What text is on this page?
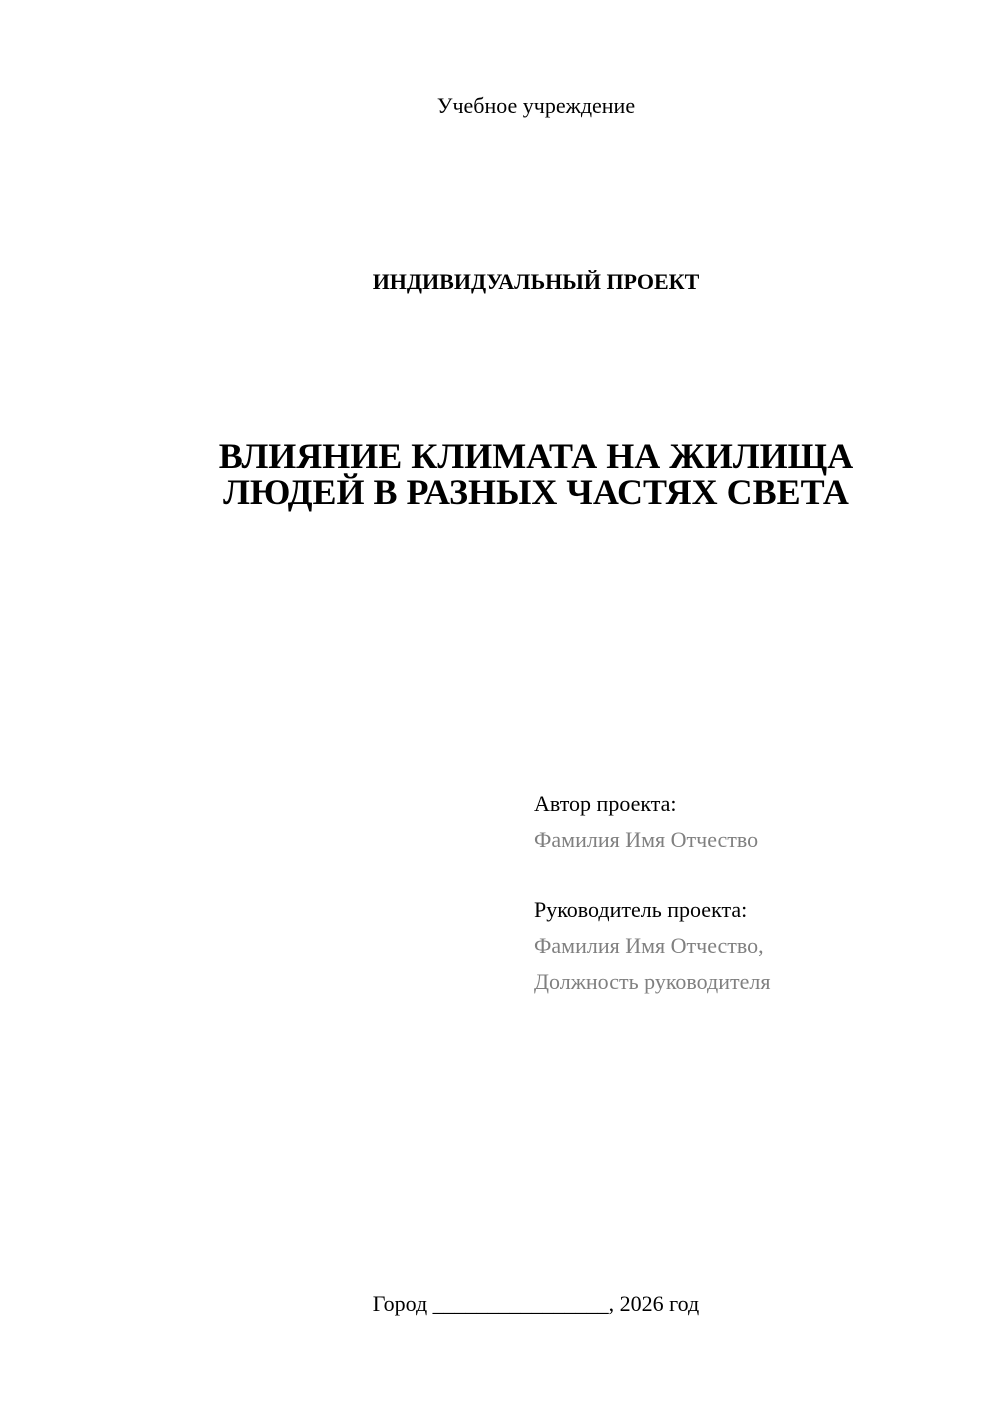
Учебное учреждение
ИНДИВИДУАЛЬНЫЙ ПРОЕКТ
ВЛИЯНИЕ КЛИМАТА НА ЖИЛИЩА
ЛЮДЕЙ В РАЗНЫХ ЧАСТЯХ СВЕТА
Автор проекта:
Фамилия Имя Отчество
Руководитель проекта:
Фамилия Имя Отчество,
Должность руководителя
Город ________________, 2026 год
